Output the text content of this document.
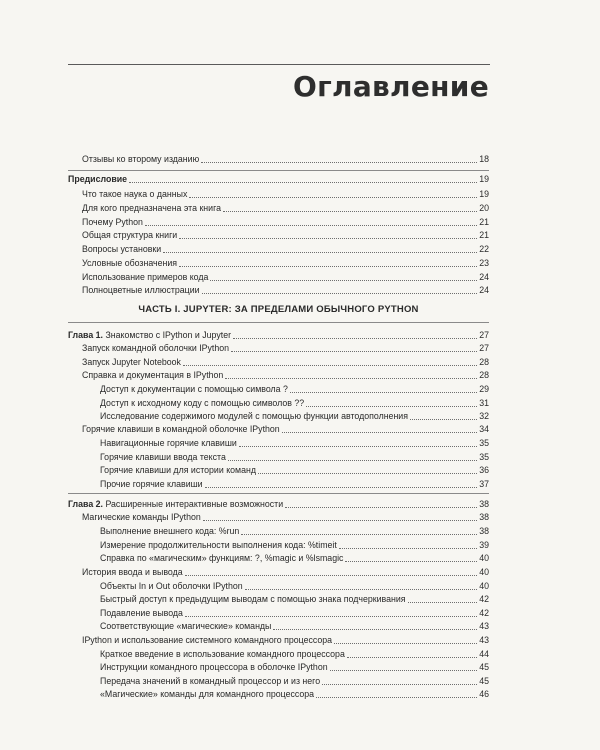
Оглавление
Отзывы ко второму изданию	18
Предисловие	19
Что такое наука о данных	19
Для кого предназначена эта книга	20
Почему Python	21
Общая структура книги	21
Вопросы установки	22
Условные обозначения	23
Использование примеров кода	24
Полноцветные иллюстрации	24
ЧАСТЬ I. JUPYTER: ЗА ПРЕДЕЛАМИ ОБЫЧНОГО PYTHON
Глава 1. Знакомство с IPython и Jupyter	27
Запуск командной оболочки IPython	27
Запуск Jupyter Notebook	28
Справка и документация в IPython	28
Доступ к документации с помощью символа ?	29
Доступ к исходному коду с помощью символов ??	31
Исследование содержимого модулей с помощью функции автодополнения	32
Горячие клавиши в командной оболочке IPython	34
Навигационные горячие клавиши	35
Горячие клавиши ввода текста	35
Горячие клавиши для истории команд	36
Прочие горячие клавиши	37
Глава 2. Расширенные интерактивные возможности	38
Магические команды IPython	38
Выполнение внешнего кода: %run	38
Измерение продолжительности выполнения кода: %timeit	39
Справка по «магическим» функциям: ?, %magic и %lsmagic	40
История ввода и вывода	40
Объекты In и Out оболочки IPython	40
Быстрый доступ к предыдущим выводам с помощью знака подчеркивания	42
Подавление вывода	42
Соответствующие «магические» команды	43
IPython и использование системного командного процессора	43
Краткое введение в использование командного процессора	44
Инструкции командного процессора в оболочке IPython	45
Передача значений в командный процессор и из него	45
«Магические» команды для командного процессора	46
